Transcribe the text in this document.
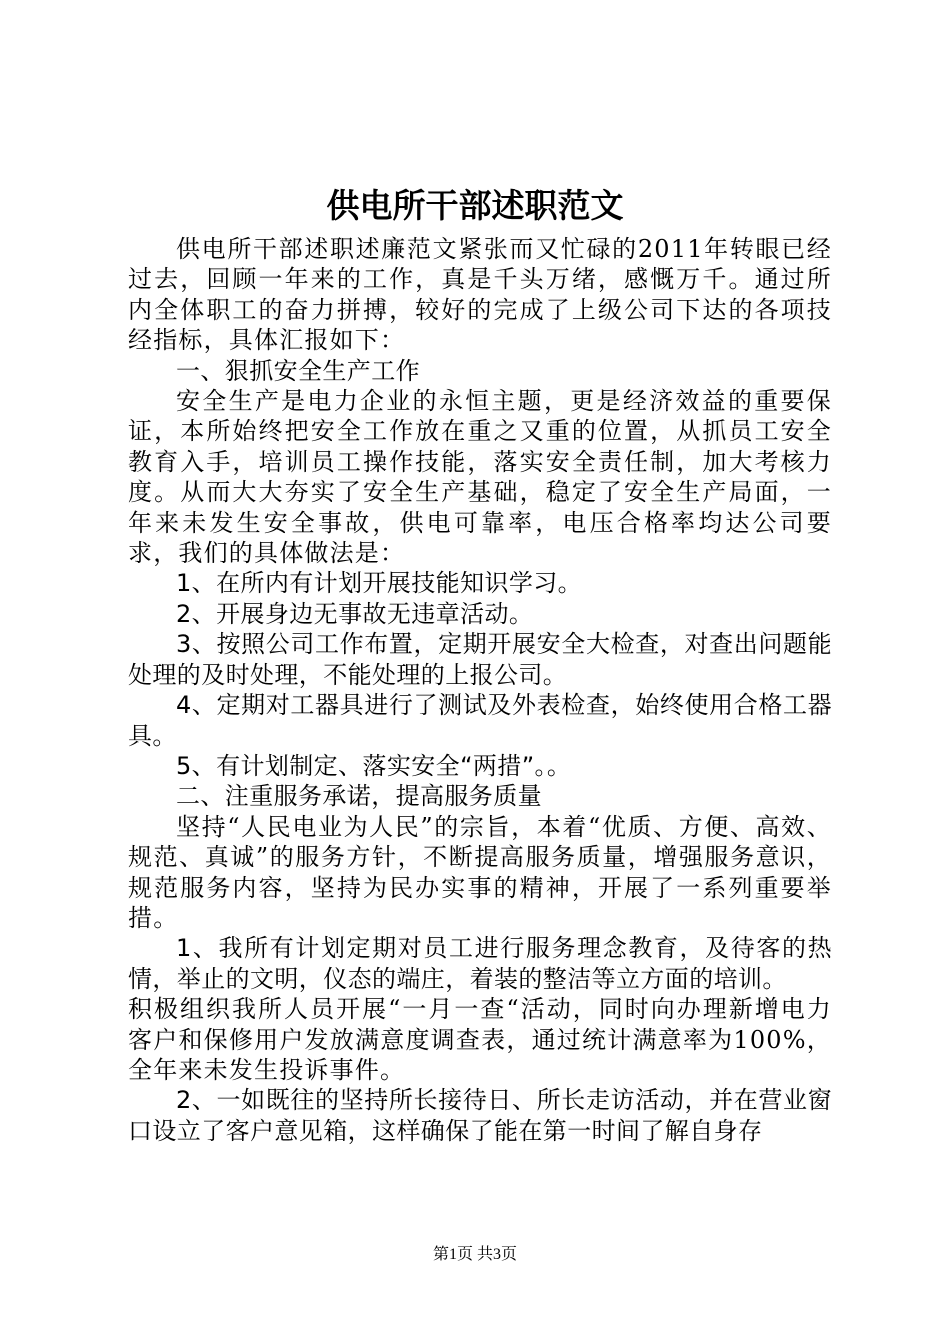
供电所干部述职范文

供电所干部述职述廉范文紧张而又忙碌的2011年转眼已经过去，回顾一年来的工作，真是千头万绪，感慨万千。通过所内全体职工的奋力拼搏，较好的完成了上级公司下达的各项技经指标，具体汇报如下：

一、狠抓安全生产工作

安全生产是电力企业的永恒主题，更是经济效益的重要保证，本所始终把安全工作放在重之又重的位置，从抓员工安全教育入手，培训员工操作技能，落实安全责任制，加大考核力度。从而大大夯实了安全生产基础，稳定了安全生产局面，一年来未发生安全事故，供电可靠率，电压合格率均达公司要求，我们的具体做法是：

1、在所内有计划开展技能知识学习。

2、开展身边无事故无违章活动。

3、按照公司工作布置，定期开展安全大检查，对查出问题能处理的及时处理，不能处理的上报公司。

4、定期对工器具进行了测试及外表检查，始终使用合格工器具。

5、有计划制定、落实安全“两措”。。

二、注重服务承诺，提高服务质量

坚持“人民电业为人民”的宗旨，本着“优质、方便、高效、规范、真诚”的服务方针，不断提高服务质量，增强服务意识，规范服务内容，坚持为民办实事的精神，开展了一系列重要举措。

1、我所有计划定期对员工进行服务理念教育，及待客的热情，举止的文明，仪态的端庄，着装的整洁等立方面的培训。

积极组织我所人员开展“一月一查“活动，同时向办理新增电力客户和保修用户发放满意度调查表，通过统计满意率为100%，全年来未发生投诉事件。

2、一如既往的坚持所长接待日、所长走访活动，并在营业窗口设立了客户意见箱，这样确保了能在第一时间了解自身存

第1页 共3页
